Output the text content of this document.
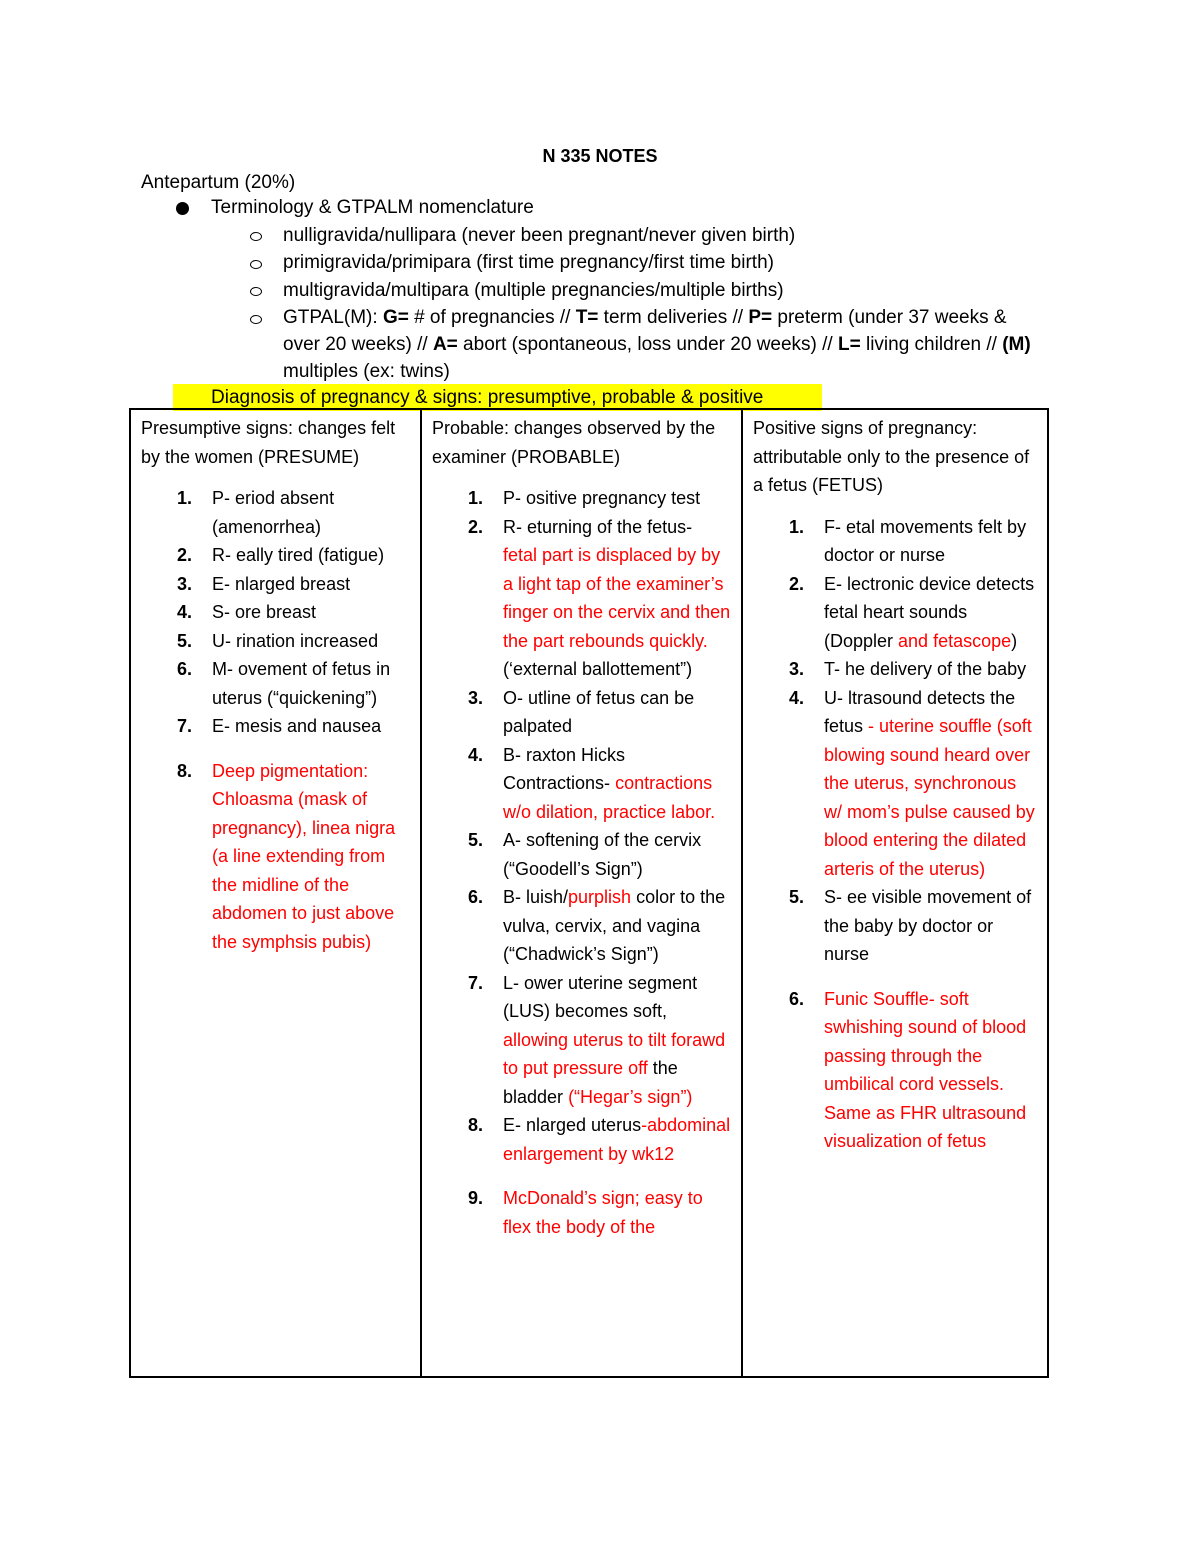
N 335 NOTES
Antepartum (20%)
Terminology & GTPALM nomenclature
nulligravida/nullipara (never been pregnant/never given birth)
primigravida/primipara (first time pregnancy/first time birth)
multigravida/multipara (multiple pregnancies/multiple births)
GTPAL(M): G= # of pregnancies // T= term deliveries // P= preterm (under 37 weeks & over 20 weeks) // A= abort (spontaneous, loss under 20 weeks) // L= living children // (M) multiples (ex: twins)
Diagnosis of pregnancy & signs: presumptive, probable & positive
Presumptive signs: changes felt by the women (PRESUME)
1. P- eriod absent (amenorrhea)
2. R- eally tired (fatigue)
3. E- nlarged breast
4. S- ore breast
5. U- rination increased
6. M- ovement of fetus in uterus (“quickening”)
7. E- mesis and nausea
8. Deep pigmentation: Chloasma (mask of pregnancy), linea nigra (a line extending from the midline of the abdomen to just above the symphsis pubis)

Probable: changes observed by the examiner (PROBABLE)
1. P- ositive pregnancy test
2. R- eturning of the fetus- fetal part is displaced by by a light tap of the examiner’s finger on the cervix and then the part rebounds quickly. (‘external ballottement”)
3. O- utline of fetus can be palpated
4. B- raxton Hicks Contractions- contractions w/o dilation, practice labor.
5. A- softening of the cervix (“Goodell’s Sign”)
6. B- luish/purplish color to the vulva, cervix, and vagina (“Chadwick’s Sign”)
7. L- ower uterine segment (LUS) becomes soft, allowing uterus to tilt forawd to put pressure off the bladder (“Hegar’s sign”)
8. E- nlarged uterus-abdominal enlargement by wk12
9. McDonald’s sign; easy to flex the body of the

Positive signs of pregnancy: attributable only to the presence of a fetus (FETUS)
1. F- etal movements felt by doctor or nurse
2. E- lectronic device detects fetal heart sounds (Doppler and fetascope)
3. T- he delivery of the baby
4. U- ltrasound detects the fetus - uterine souffle (soft blowing sound heard over the uterus, synchronous w/ mom’s pulse caused by blood entering the dilated arteris of the uterus)
5. S- ee visible movement of the baby by doctor or nurse
6. Funic Souffle- soft swhishing sound of blood passing through the umbilical cord vessels. Same as FHR ultrasound visualization of fetus
